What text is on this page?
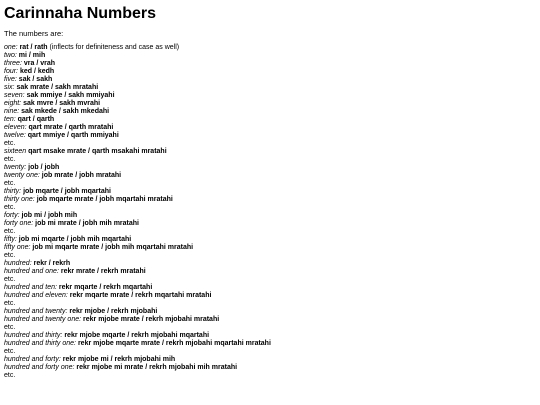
Carinnaha Numbers

The numbers are:

one: rat / rath (inflects for definiteness and case as well)
two: mi / mih
three: vra / vrah
four: ked / kedh
five: sak / sakh
six: sak mrate / sakh mratahi
seven: sak mmiye / sakh mmiyahi
eight: sak mvre / sakh mvrahi
nine: sak mkede / sakh mkedahi
ten: qart / qarth
eleven: qart mrate / qarth mratahi
twelve: qart mmiye / qarth mmiyahi
etc.
sixteen qart msake mrate / qarth msakahi mratahi
etc.
twenty: job / jobh
twenty one: job mrate / jobh mratahi
etc.
thirty: job mqarte / jobh mqartahi
thirty one: job mqarte mrate / jobh mqartahi mratahi
etc.
forty: job mi / jobh mih
forty one: job mi mrate / jobh mih mratahi
etc.
fifty: job mi mqarte / jobh mih mqartahi
fifty one: job mi mqarte mrate / jobh mih mqartahi mratahi
etc.
hundred: rekr / rekrh
hundred and one: rekr mrate / rekrh mratahi
etc.
hundred and ten: rekr mqarte / rekrh mqartahi
hundred and eleven: rekr mqarte mrate / rekrh mqartahi mratahi
etc.
hundred and twenty: rekr mjobe / rekrh mjobahi
hundred and twenty one: rekr mjobe mrate / rekrh mjobahi mratahi
etc.
hundred and thirty: rekr mjobe mqarte / rekrh mjobahi mqartahi
hundred and thirty one: rekr mjobe mqarte mrate / rekrh mjobahi mqartahi mratahi
etc.
hundred and forty: rekr mjobe mi / rekrh mjobahi mih
hundred and forty one: rekr mjobe mi mrate / rekrh mjobahi mih mratahi
etc.
